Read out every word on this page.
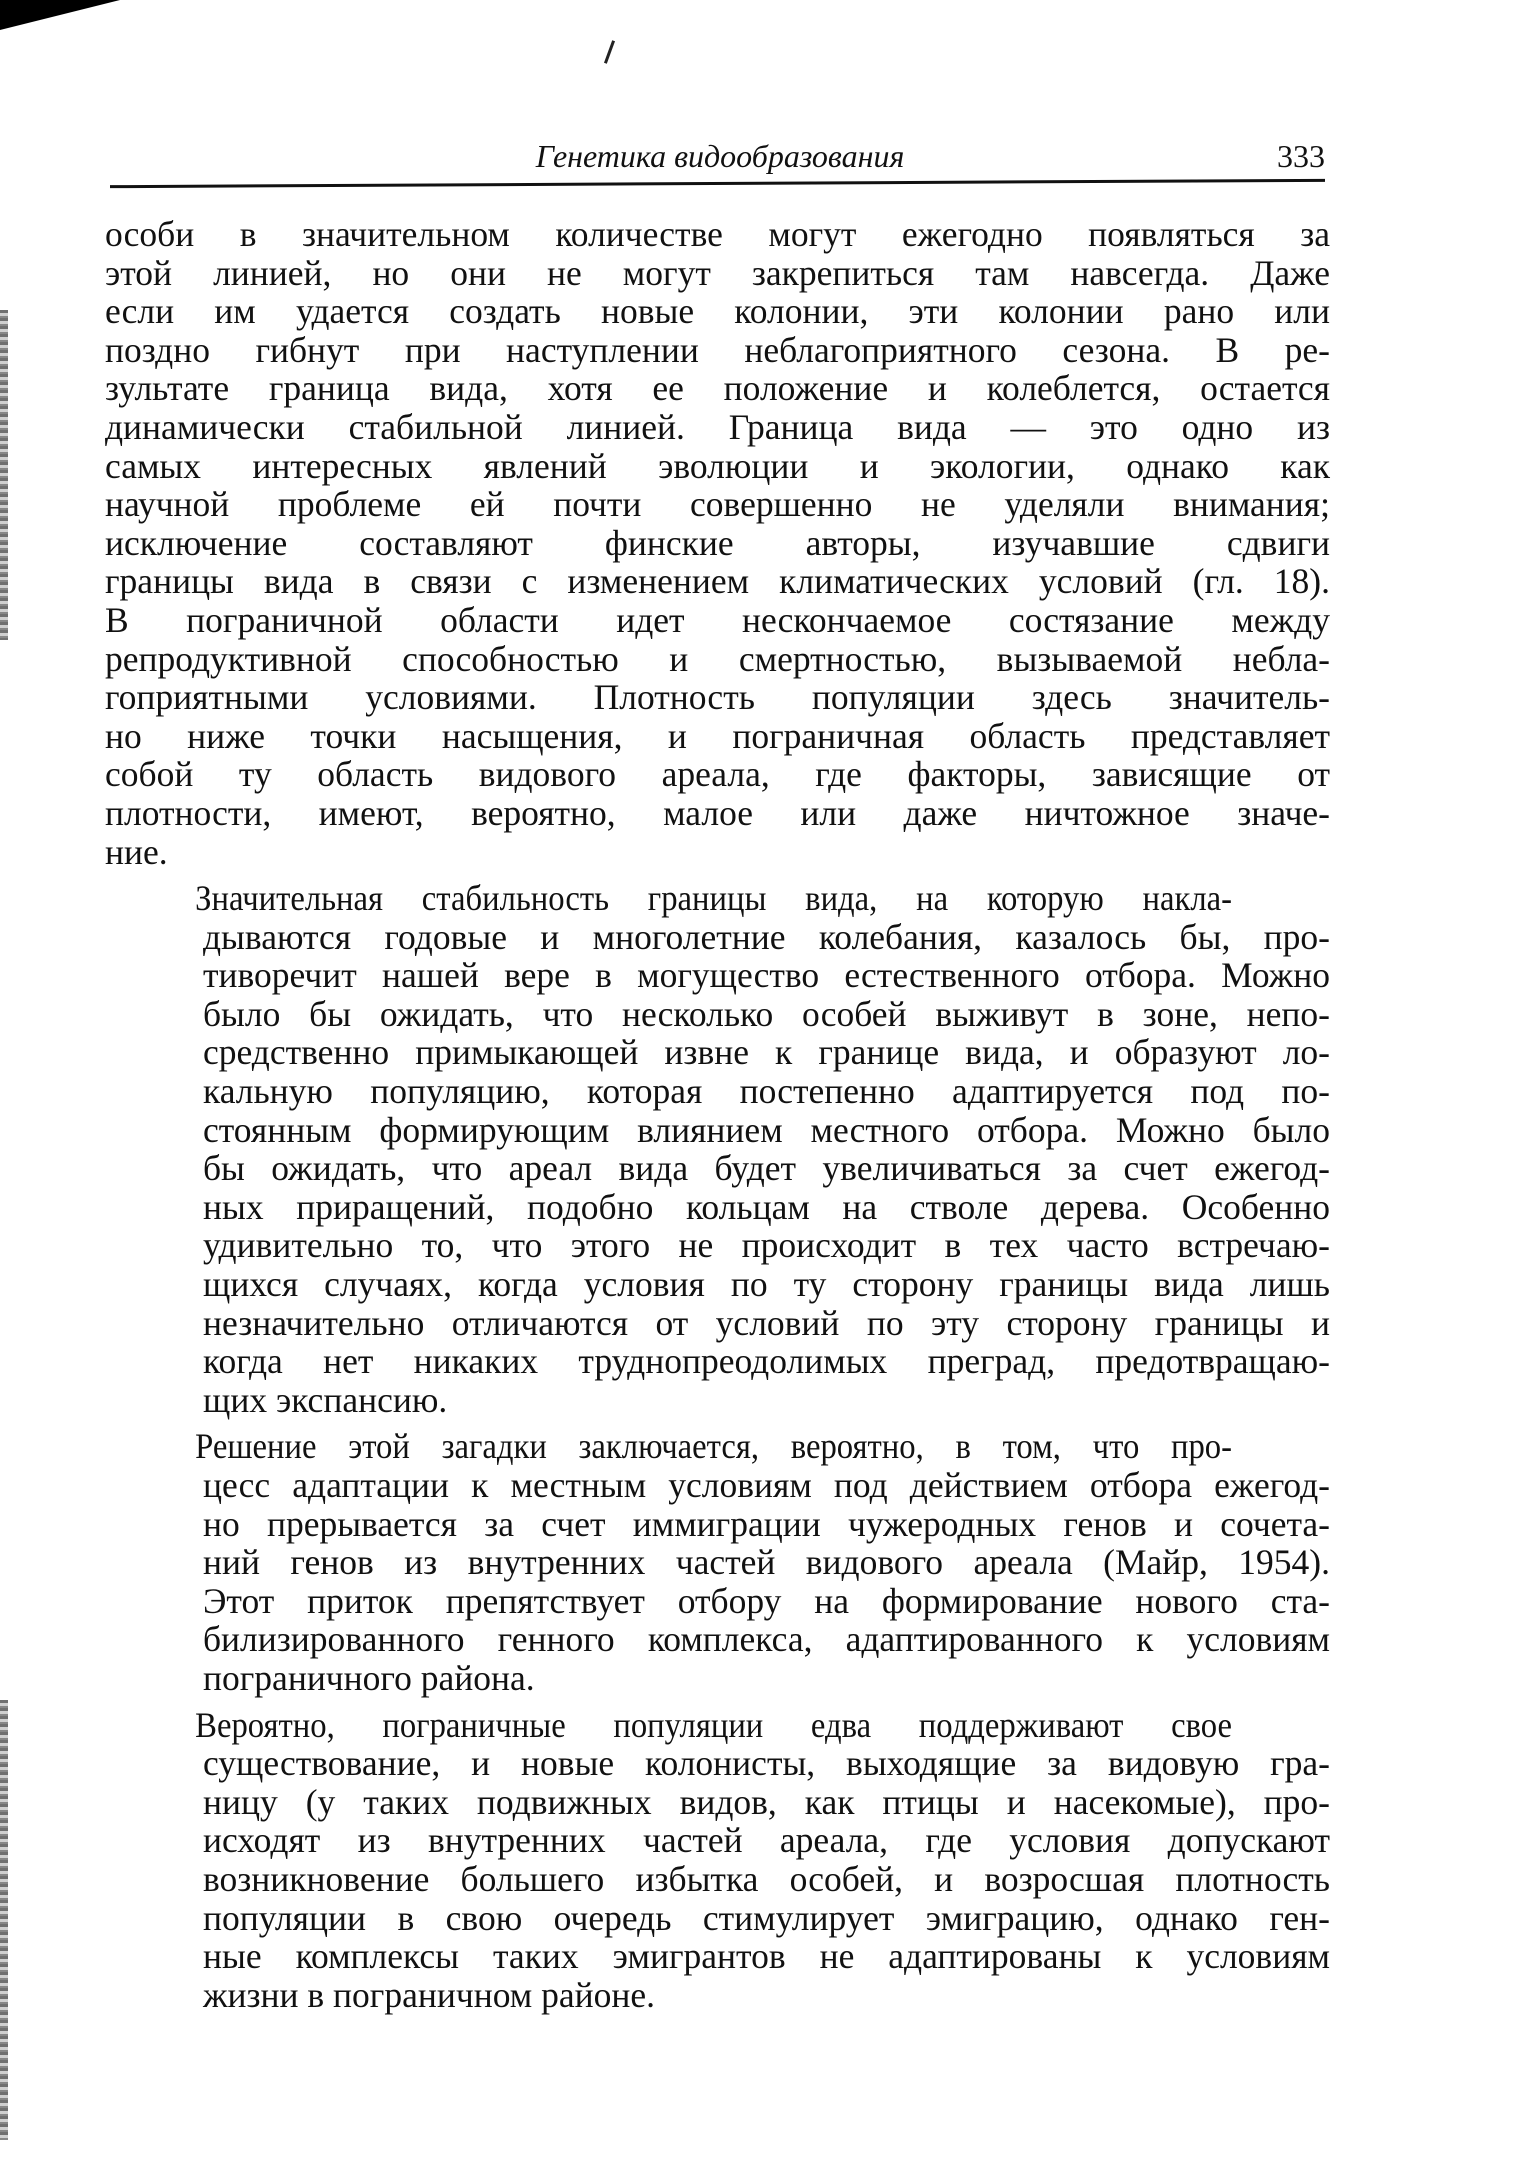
Генетика видообразования	333

особи в значительном количестве могут ежегодно появляться за
этой линией, но они не могут закрепиться там навсегда. Даже
если им удается создать новые колонии, эти колонии рано или
поздно гибнут при наступлении неблагоприятного сезона. В ре-
зультате граница вида, хотя ее положение и колеблется, остается
динамически стабильной линией. Граница вида — это одно из
самых интересных явлений эволюции и экологии, однако как
научной проблеме ей почти совершенно не уделяли внимания;
исключение составляют финские авторы, изучавшие сдвиги
границы вида в связи с изменением климатических условий (гл. 18).
В пограничной области идет нескончаемое состязание между
репродуктивной способностью и смертностью, вызываемой небла-
гоприятными условиями. Плотность популяции здесь значитель-
но ниже точки насыщения, и пограничная область представляет
собой ту область видового ареала, где факторы, зависящие от
плотности, имеют, вероятно, малое или даже ничтожное значе-
ние.

Значительная стабильность границы вида, на которую накла-
дываются годовые и многолетние колебания, казалось бы, про-
тиворечит нашей вере в могущество естественного отбора. Можно
было бы ожидать, что несколько особей выживут в зоне, непо-
средственно примыкающей извне к границе вида, и образуют ло-
кальную популяцию, которая постепенно адаптируется под по-
стоянным формирующим влиянием местного отбора. Можно было
бы ожидать, что ареал вида будет увеличиваться за счет ежегод-
ных приращений, подобно кольцам на стволе дерева. Особенно
удивительно то, что этого не происходит в тех часто встречаю-
щихся случаях, когда условия по ту сторону границы вида лишь
незначительно отличаются от условий по эту сторону границы и
когда нет никаких труднопреодолимых преград, предотвращаю-
щих экспансию.

Решение этой загадки заключается, вероятно, в том, что про-
цесс адаптации к местным условиям под действием отбора ежегод-
но прерывается за счет иммиграции чужеродных генов и сочета-
ний генов из внутренних частей видового ареала (Майр, 1954).
Этот приток препятствует отбору на формирование нового ста-
билизированного генного комплекса, адаптированного к условиям
пограничного района.

Вероятно, пограничные популяции едва поддерживают свое
существование, и новые колонисты, выходящие за видовую гра-
ницу (у таких подвижных видов, как птицы и насекомые), про-
исходят из внутренних частей ареала, где условия допускают
возникновение большего избытка особей, и возросшая плотность
популяции в свою очередь стимулирует эмиграцию, однако ген-
ные комплексы таких эмигрантов не адаптированы к условиям
жизни в пограничном районе.
